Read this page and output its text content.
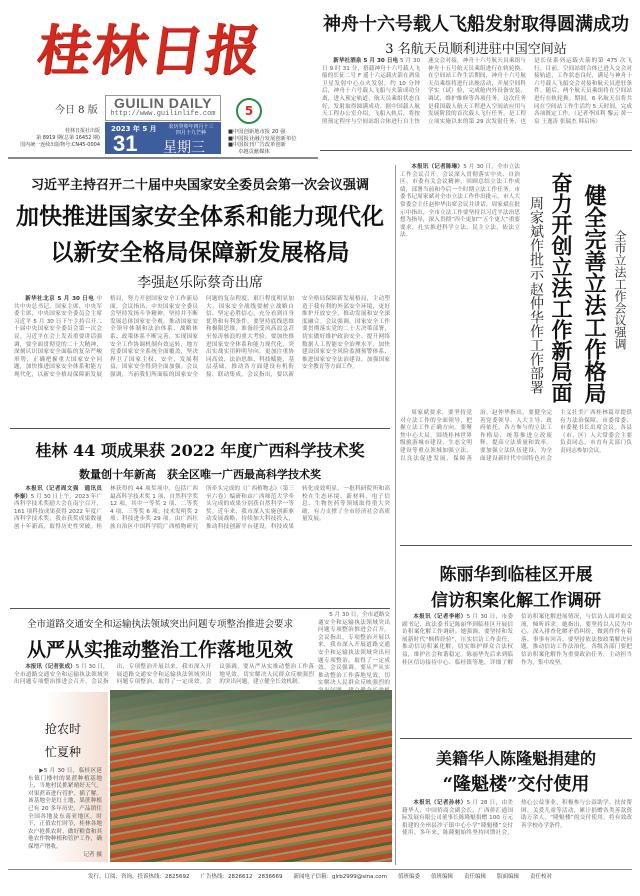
桂林日报
今日 8 版	GUILIN DAILY
http://www.guilinlife.com	5
桂林日报社出版
第 8919 期(总第 16452 期)
国内统一连续出版物号:CN45-0004
2023 年 5 月
31
农历癸卯年四月十三
四月十九芒种
星期三
■中国创新地市报 20 强
■中国报业融合发展创新单位
■中国报刊广告改革创新
卓越贡献媒体
神舟十六号载人飞船发射取得圆满成功
3 名航天员顺利进驻中国空间站

新华社酒泉 5 月 30 日电 5 月 30 日 9 时 31 分，搭载神舟十六号载人飞船的长征二号 F 遥十六运载火箭在酒泉卫星发射中心点火发射，约 10 分钟后，神舟十六号载人飞船与火箭成功分离，进入预定轨道，航天员乘组状态良好，发射取得圆满成功。据中国载人航天工程办公室介绍，飞船入轨后，将按照预定程序与空间站组合体进行自主快速交会对接，神舟十六号航天员乘组与神舟十五号航天员乘组进行在轨轮换。在空间站工作生活期间，神舟十六号航天员乘组将进行出舱活动，开展空间科学实（试）验，完成舱内外设备安装、调试、维护维修等各项任务。这次任务是我国载人航天工程进入空间站应用与发展阶段的首次载人飞行任务，是工程立项实施以来的第 29 次发射任务，也是长征系列运载火箭的第 475 次飞行。目前，空间站组合体已进入交会对接轨道，工作状态良好，满足与神舟十六号载人飞船交会对接和航天员进驻条件。随后，两个航天员乘组将在空间站进行在轨轮换。期间，6 名航天员将共同在空间站工作生活约 5 天时间，完成各项既定工作。（记者李国利 黎云 黄一宸 王逸涛 张瑞杰 韩启扬）

习近平主持召开二十届中央国家安全委员会第一次会议强调
加快推进国家安全体系和能力现代化
以新安全格局保障新发展格局
李强赵乐际蔡奇出席

新华社北京 5 月 30 日电 中共中央总书记、国家主席、中央军委主席、中央国家安全委员会主席习近平 5 月 30 日下午主持召开二十届中央国家安全委员会第一次会议。习近平在会上发表重要讲话强调，要全面贯彻党的二十大精神，深刻认识国家安全面临的复杂严峻形势，正确把握重大国家安全问题，加快推进国家安全体系和能力现代化，以新安全格局保障新发展格局，努力开创国家安全工作新局面。会议指出，中央国家安全委员会坚持发扬斗争精神，坚持并不断发展总体国家安全观，推动国家安全领导体制和法治体系、战略体系、政策体系不断完善，实现国家安全工作协调机制有效运转，地方党委国家安全系统全面覆盖，坚决捍卫了国家主权、安全、发展利益，国家安全得到全面加强。会议强调，当前我们所面临的国家安全问题的复杂程度、艰巨程度明显加大。国家安全战线要树立战略自信、坚定必胜信心，充分看到自身优势和有利条件。要坚持底线思维和极限思维，准备经受风高浪急甚至惊涛骇浪的重大考验。要加快推进国家安全体系和能力现代化，突出实战实用鲜明导向，更加注重协同高效、法治思维、科技赋能、基层基础，推动各方面建设有机衔接、联动集成。会议指出，要以新安全格局保障新发展格局，主动塑造于我有利的外部安全环境，更好维护开放安全，推动发展和安全深度融合。会议强调，国家安全工作要贯彻落实党的二十大决策部署，切实做好维护政治安全、提升网络数据人工智能安全治理水平、加快建设国家安全风险监测预警体系、推进国家安全法治建设、加强国家安全教育等方面工作。

本报讯（记者陈琳）5 月 30 日，全市立法工作会议召开。会议深入贯彻落实中央、自治区、市委有关会议精神，回顾总结立法工作成绩，部署当前和今后一个时期立法工作任务。市委书记周家斌对全市立法工作作出批示，市人大常委会主任赵仲华出席会议并讲话。周家斌在批示中指出，全市立法工作要坚持以习近平法治思想为指导，深入贯彻“四个更加”“五个更大”重要要求，扎实推进科学立法、民主立法、依法立法。	全市立法工作会议强调
健全完善立法工作格局
奋力开创立法工作新局面
周家斌作批示
赵仲华作工作部署

周家斌要求，要坚持党对立法工作的全面领导，把握立法工作正确方向。要聚焦中心大局，围绕桂林世界级旅游城市建设、生态文明建设等重点领域加强立法，以良法促进发展、保障善治。赵仲华指出，要健全完善党委领导、人大主导、政府依托、各方参与的立法工作格局，统筹推进立改废释，提高立法质量和效率。要加强立法队伍建设，为全面建设新时代中国特色社会主义壮美广西桂林篇章提供有力法治保障。市委常委、市委秘书长出席会议。各县（市、区）人大常委会主要负责同志，市直有关部门负责同志参加会议。

桂林 44 项成果获 2022 年度广西科学技术奖
数量创十年新高　获全区唯一广西最高科学技术奖

本报讯（记者周文强　通讯员李秦）5 月 30 日上午，2023 年广西科学技术奖励大会在南宁召开，161 项科技成果获得 2022 年度广西科学技术奖，我市获奖成果数量创十年新高，取得历史性突破。桂林获得的 44 项奖项中，包括广西最高科学技术奖 1 项，自然科学奖 12 项，其中一等奖 2 项、二等奖 4 项、三等奖 6 项；技术发明奖 2 项；科技进步奖 29 项。由广西壮族自治区中国科学院广西植物研究所牵头完成的《广西植物志》（第三至六卷）编研和由广西师范大学牵头完成的成果分别获自然科学一等奖。近年来，我市深入实施创新驱动发展战略，持续加大科技投入，推动科技创新平台建设，科技成果转化成效明显。一批科研院所和高校在生态环境、新材料、电子信息、生物医药等领域取得重大突破，有力支撑了全市经济社会高质量发展。

全市道路交通安全和运输执法领域突出问题专项整治推进会要求
从严从实推动整治工作落地见效

本报讯（记者张成）5 月 30 日，全市道路交通安全和运输执法领域突出问题专项整治推进会召开。会议指出，专项整治开展以来，我市深入开展道路交通安全和运输执法领域突出问题专项整治，取得了一定成效。会议强调，要从严从实推动整治工作落地见效，切实解决人民群众反映强烈的突出问题，建立健全长效机制。

5 月 30 日，全市道路交通安全和运输执法领域突出问题专项整治推进会召开。会议指出，专项整治开展以来，我市深入开展道路交通安全和运输执法领域突出问题专项整治，取得了一定成效。会议强调，要从严从实推动整治工作落地见效，切实解决人民群众反映强烈的

抢农时
忙夏种

▶5 月 30 日，临桂区延东镇门楼村的果蔗种植基地上，当地村民抓紧晴好天气，对果蔗苗进行管护、插了解。该基地全是红土地，果蔗种植已有 20 多年历史，产品销往全国各地及东南亚地区。时下，正值农忙时节，桂林各地农户抢抓农时，做好粮食和其他农作物种植和管护工作，确保增产增收。

记者 摄

陈丽华到临桂区开展
信访积案化解工作调研

本报讯（记者李彬）5 月 30 日，市委副书记、政法委书记陈丽华到临桂区开展信访积案化解工作调研。她强调，要坚持和发展新时代“枫桥经验”，压实信访工作责任，推动信访积案化解，切实维护群众合法权益，维护社会和谐稳定。陈丽华先后来到临桂区信访接待中心、临桂镇等地，详细了解信访积案化解进展情况，与信访人面对面交流，倾听诉求。她指出，要坚持以人民为中心，深入排查化解矛盾纠纷，做到件件有着落、事事有回音。要坚持依法按政策解决问题，推动信访工作法治化。各级各部门要把信访积案化解作为重要政治任务，主动担当作为，集中攻坚。

美籍华人陈隆魁捐建的
“隆魁楼”交付使用

本报讯（记者孙林）5 月 28 日，由美籍华人、中国侨商会副会长、广西侨汇通国际发展有限公司董事长陈隆魁捐赠 100 万元捐建的全州县沙子镇中心小学“隆魁楼”交付使用。多年来，陈隆魁始终坚持回馈社会，热心公益事业，积极参与公益助学、扶贫帮困、关爱儿童等活动，累计捐赠各类善款资助万余人。“隆魁楼”的交付使用，将有效改善学校办学条件。

发行、订阅、咨询、投诉热线：2825692　　广告热线：2826612　2836669　　新闻电子信箱：glrb2999@sina.com　　值班编委　　值班编辑　　责任编辑　　版面编辑　　责任校对
